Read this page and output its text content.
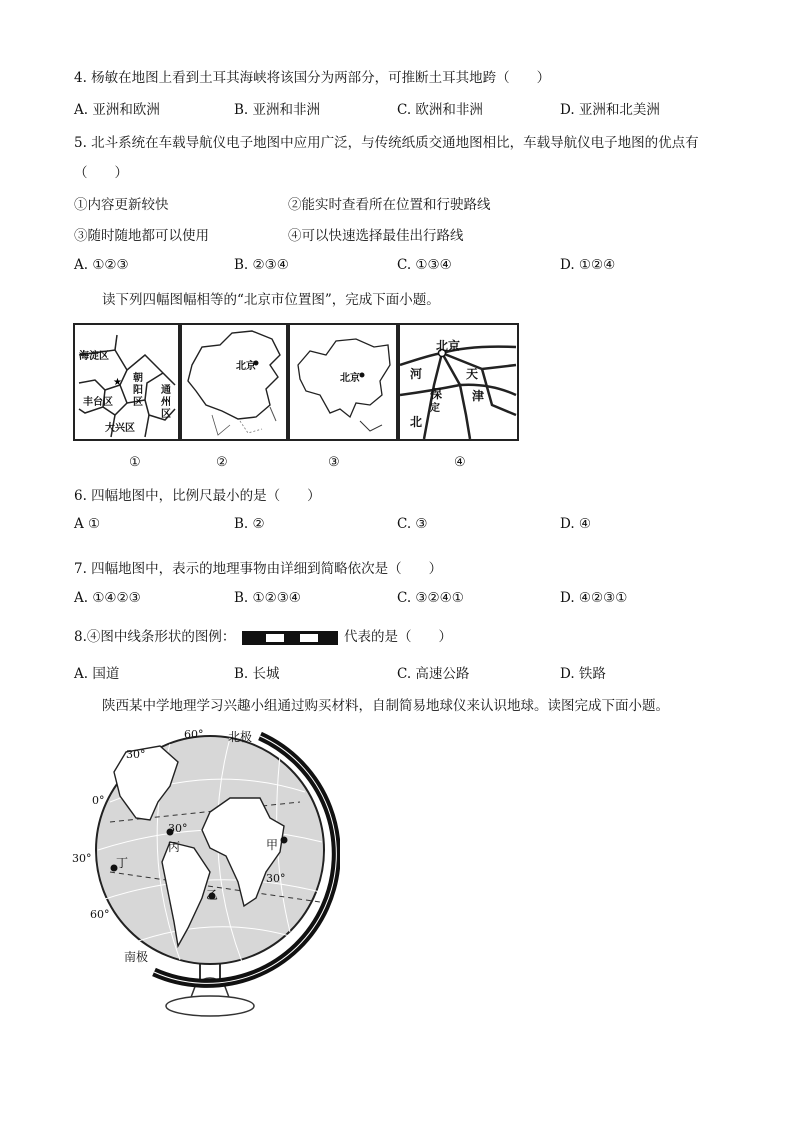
4. 杨敏在地图上看到土耳其海峡将该国分为两部分，可推断土耳其地跨（　　）
A. 亚洲和欧洲	B. 亚洲和非洲	C. 欧洲和非洲	D. 亚洲和北美洲
5. 北斗系统在车载导航仪电子地图中应用广泛，与传统纸质交通地图相比，车载导航仪电子地图的优点有
（　　）
①内容更新较快	②能实时查看所在位置和行驶路线
③随时随地都可以使用	④可以快速选择最佳出行路线
A. ①②③	B. ②③④	C. ①③④	D. ①②④
读下列四幅图幅相等的“北京市位置图”，完成下面小题。
★
海淀区
朝阳区
丰台区
通州区
大兴区
北京
北京
北京
天
津
河
北
保
定
①	②	③	④
6. 四幅地图中，比例尺最小的是（　　）
A ①	B. ②	C. ③	D. ④
7. 四幅地图中，表示的地理事物由详细到简略依次是（　　）
A. ①④②③	B. ①②③④	C. ③②④①	D. ④②③①
8.④图中线条形状的图例：	代表的是（　　）
A. 国道	B. 长城	C. 高速公路	D. 铁路
陕西某中学地理学习兴趣小组通过购买材料，自制简易地球仪来认识地球。读图完成下面小题。
北极
南极
60°
30°
0°
30°
60°
30°
30°
甲
乙
丙
丁
